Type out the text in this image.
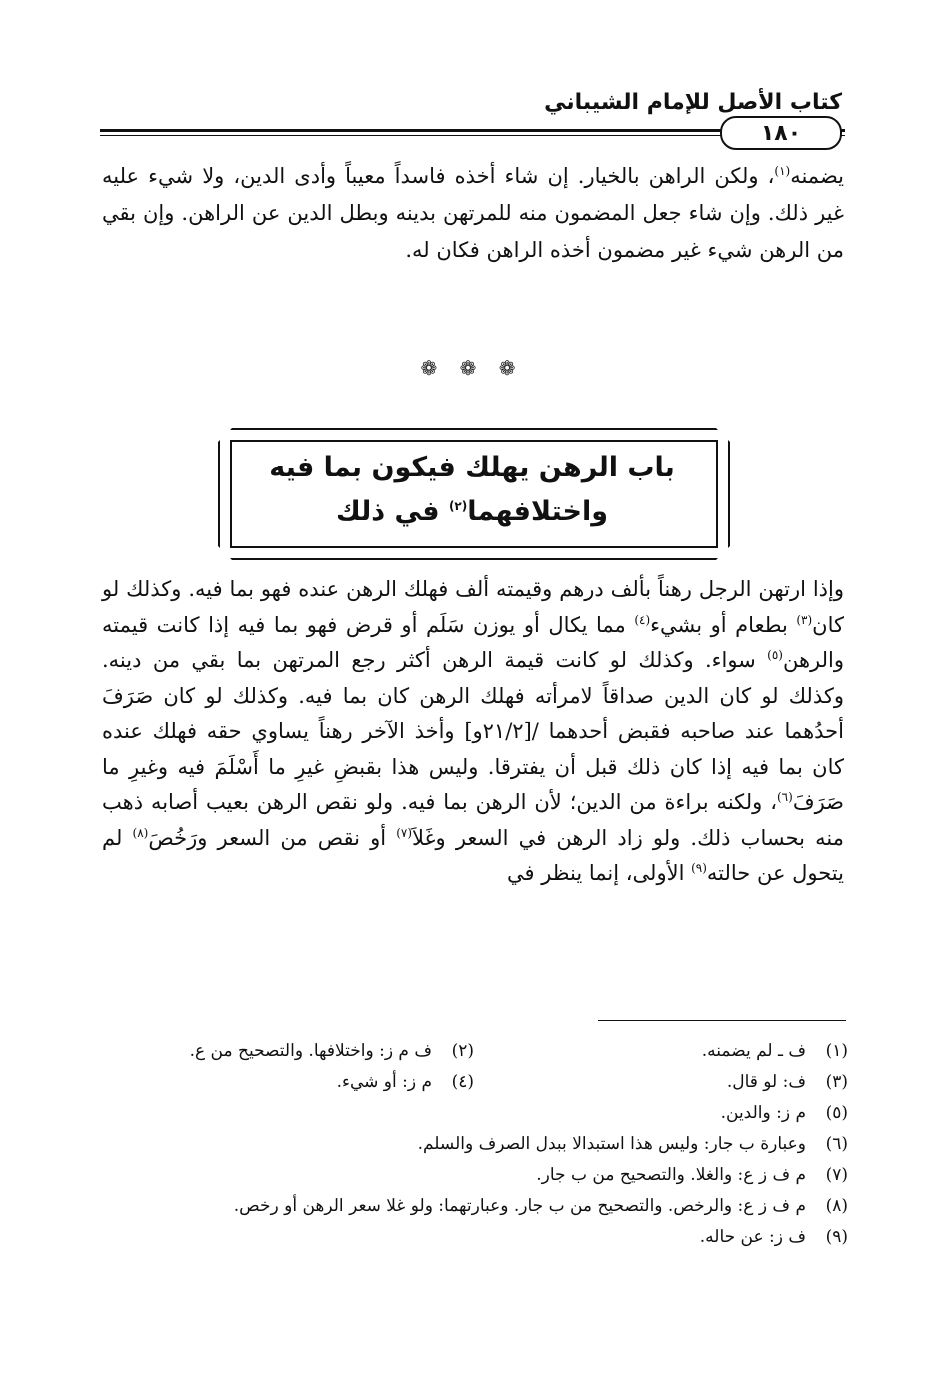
كتاب الأصل للإمام الشيباني
١٨٠
يضمنه$^{(١)}$، ولكن الراهن بالخيار. إن شاء أخذه فاسداً معيباً وأدى الدين، ولا شيء عليه غير ذلك. وإن شاء جعل المضمون منه للمرتهن بدينه وبطل الدين عن الراهن. وإن بقي من الرهن شيء غير مضمون أخذه الراهن فكان له.
❁ ❁ ❁
باب الرهن يهلك فيكون بما فيه
واختلافهما$^{(٢)}$ في ذلك
وإذا ارتهن الرجل رهناً بألف درهم وقيمته ألف فهلك الرهن عنده فهو بما فيه. وكذلك لو كان$^{(٣)}$ بطعام أو بشيء$^{(٤)}$ مما يكال أو يوزن سَلَم أو قرض فهو بما فيه إذا كانت قيمته والرهن$^{(٥)}$ سواء. وكذلك لو كانت قيمة الرهن أكثر رجع المرتهن بما بقي من دينه. وكذلك لو كان الدين صداقاً لامرأته فهلك الرهن كان بما فيه. وكذلك لو كان صَرَفَ أحدُهما عند صاحبه فقبض أحدهما /[٢١/٢و] وأخذ الآخر رهناً يساوي حقه فهلك عنده كان بما فيه إذا كان ذلك قبل أن يفترقا. وليس هذا بقبضِ غيرِ ما أَسْلَمَ فيه وغيرِ ما صَرَفَ$^{(٦)}$، ولكنه براءة من الدين؛ لأن الرهن بما فيه. ولو نقص الرهن بعيب أصابه ذهب منه بحساب ذلك. ولو زاد الرهن في السعر وغَلاَ$^{(٧)}$ أو نقص من السعر ورَخُصَ$^{(٨)}$ لم يتحول عن حالته$^{(٩)}$ الأولى، إنما ينظر في
(١)
ف ـ لم يضمنه.
(٢)
ف م ز: واختلافها. والتصحيح من ع.
(٣)
ف: لو قال.
(٤)
م ز: أو شيء.
(٥)
م ز: والدين.
(٦)
وعبارة ب جار: وليس هذا استبدالا ببدل الصرف والسلم.
(٧)
م ف ز ع: والغلا. والتصحيح من ب جار.
(٨)
م ف ز ع: والرخص. والتصحيح من ب جار. وعبارتهما: ولو غلا سعر الرهن أو رخص.
(٩)
ف ز: عن حاله.
